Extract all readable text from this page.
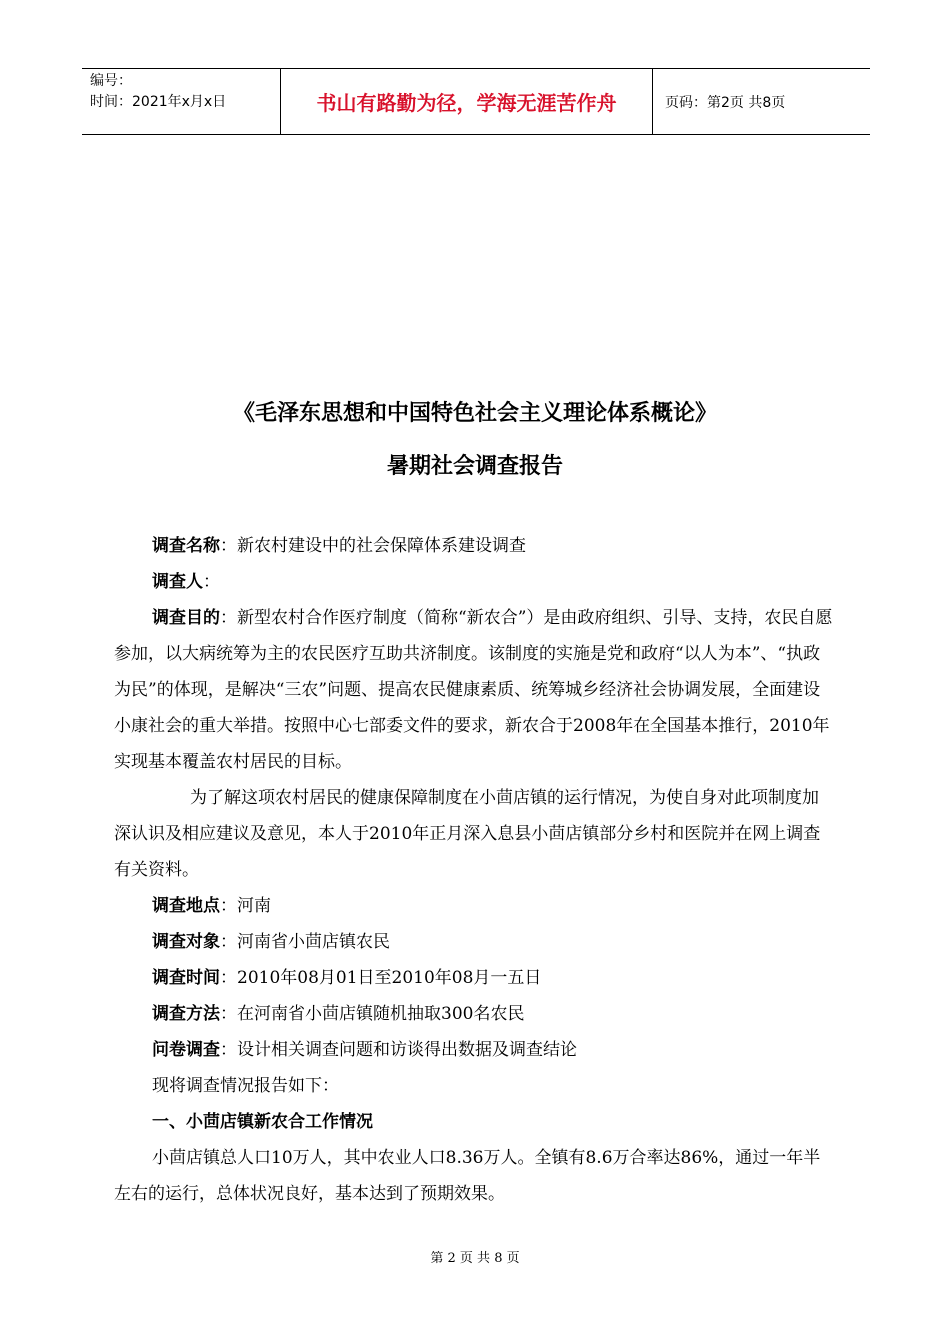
编号：
时间：2021年x月x日	书山有路勤为径，学海无涯苦作舟	页码：第2页 共8页
《毛泽东思想和中国特色社会主义理论体系概论》
暑期社会调查报告

调查名称：新农村建设中的社会保障体系建设调查

调查人：

调查目的：新型农村合作医疗制度（简称“新农合”）是由政府组织、引导、支持，农民自愿参加，以大病统筹为主的农民医疗互助共济制度。该制度的实施是党和政府“以人为本”、“执政为民”的体现，是解决“三农”问题、提高农民健康素质、统筹城乡经济社会协调发展，全面建设小康社会的重大举措。按照中心七部委文件的要求，新农合于2008年在全国基本推行，2010年实现基本覆盖农村居民的目标。

为了解这项农村居民的健康保障制度在小茴店镇的运行情况，为使自身对此项制度加深认识及相应建议及意见，本人于2010年正月深入息县小茴店镇部分乡村和医院并在网上调查有关资料。

调查地点：河南

调查对象：河南省小茴店镇农民

调查时间：2010年08月01日至2010年08月一五日

调查方法：在河南省小茴店镇随机抽取300名农民

问卷调查：设计相关调查问题和访谈得出数据及调查结论

现将调查情况报告如下：

一、小茴店镇新农合工作情况

小茴店镇总人口10万人，其中农业人口8.36万人。全镇有8.6万合率达86%，通过一年半左右的运行，总体状况良好，基本达到了预期效果。

第 2 页 共 8 页
